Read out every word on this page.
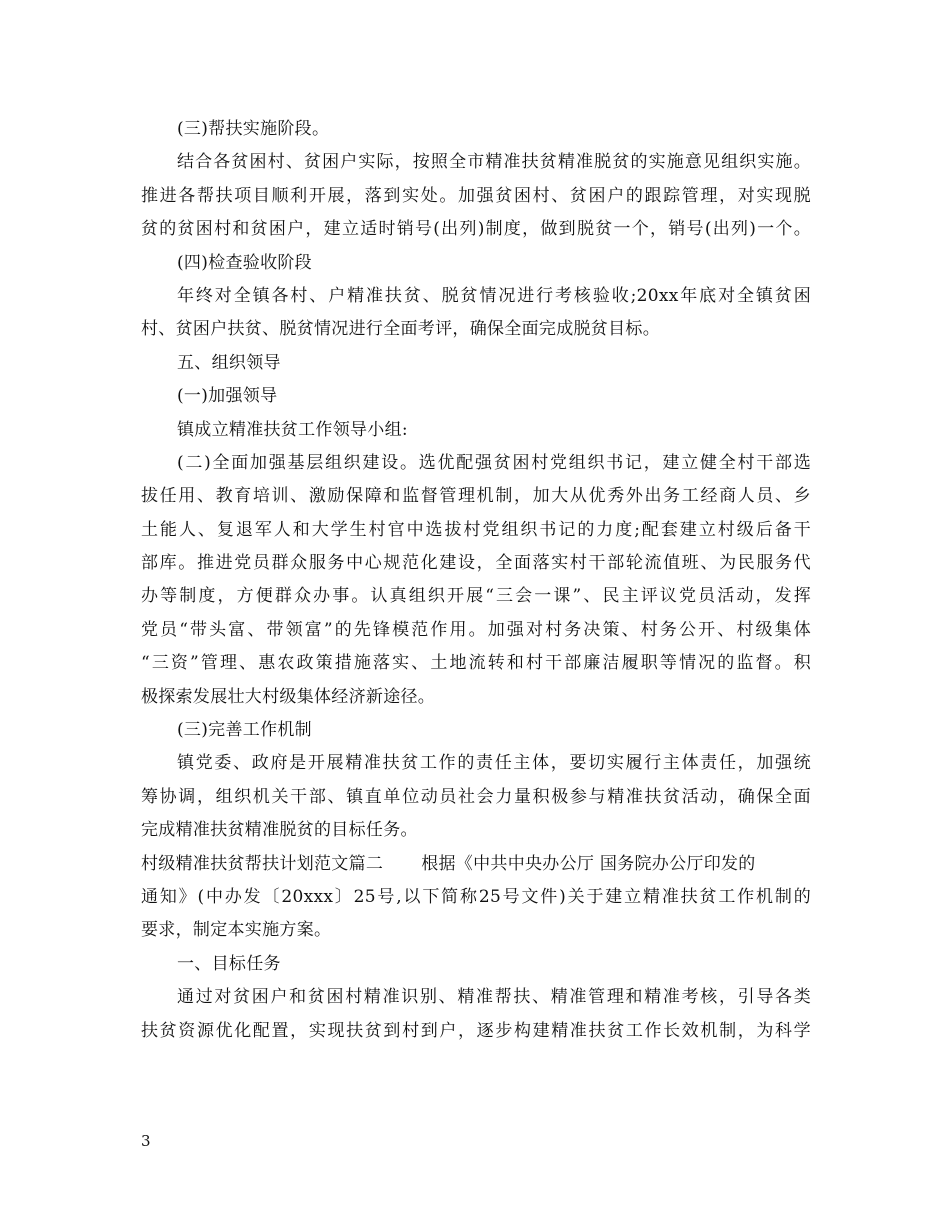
(三)帮扶实施阶段。
结合各贫困村、贫困户实际，按照全市精准扶贫精准脱贫的实施意见组织实施。
推进各帮扶项目顺利开展，落到实处。加强贫困村、贫困户的跟踪管理，对实现脱
贫的贫困村和贫困户，建立适时销号(出列)制度，做到脱贫一个，销号(出列)一个。
(四)检查验收阶段
年终对全镇各村、户精准扶贫、脱贫情况进行考核验收;20xx年底对全镇贫困
村、贫困户扶贫、脱贫情况进行全面考评，确保全面完成脱贫目标。
五、组织领导
(一)加强领导
镇成立精准扶贫工作领导小组:
(二)全面加强基层组织建设。选优配强贫困村党组织书记，建立健全村干部选
拔任用、教育培训、激励保障和监督管理机制，加大从优秀外出务工经商人员、乡
土能人、复退军人和大学生村官中选拔村党组织书记的力度;配套建立村级后备干
部库。推进党员群众服务中心规范化建设，全面落实村干部轮流值班、为民服务代
办等制度，方便群众办事。认真组织开展“三会一课”、民主评议党员活动，发挥
党员“带头富、带领富”的先锋模范作用。加强对村务决策、村务公开、村级集体
“三资”管理、惠农政策措施落实、土地流转和村干部廉洁履职等情况的监督。积
极探索发展壮大村级集体经济新途径。
(三)完善工作机制
镇党委、政府是开展精准扶贫工作的责任主体，要切实履行主体责任，加强统
筹协调，组织机关干部、镇直单位动员社会力量积极参与精准扶贫活动，确保全面
完成精准扶贫精准脱贫的目标任务。
村级精准扶贫帮扶计划范文篇二 根据《中共中央办公厅 国务院办公厅印发的
通知》(中办发〔20xxx〕25号,以下简称25号文件)关于建立精准扶贫工作机制的
要求，制定本实施方案。
一、目标任务
通过对贫困户和贫困村精准识别、精准帮扶、精准管理和精准考核，引导各类
扶贫资源优化配置，实现扶贫到村到户，逐步构建精准扶贫工作长效机制，为科学
3
